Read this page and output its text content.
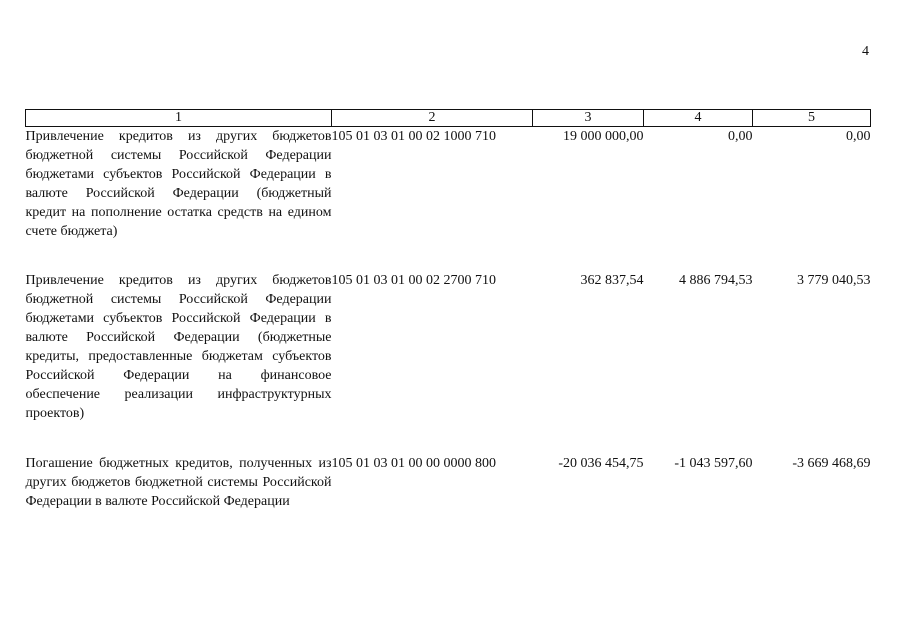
4
1	2	3	4	5
Привлечение кредитов из других бюджетов бюджетной системы Российской Федерации бюджетами субъектов Российской Федерации в валюте Российской Федерации (бюджетный кредит на пополнение остатка средств на едином счете бюджета)	105 01 03 01 00 02 1000 710	19 000 000,00	0,00	0,00
Привлечение кредитов из других бюджетов бюджетной системы Российской Федерации бюджетами субъектов Российской Федерации в валюте Российской Федерации (бюджетные кредиты, предоставленные бюджетам субъектов Российской Федерации на финансовое обеспечение реализации инфраструктурных проектов)	105 01 03 01 00 02 2700 710	362 837,54	4 886 794,53	3 779 040,53
Погашение бюджетных кредитов, полученных из других бюджетов бюджетной системы Российской Федерации в валюте Российской Федерации	105 01 03 01 00 00 0000 800	-20 036 454,75	-1 043 597,60	-3 669 468,69
